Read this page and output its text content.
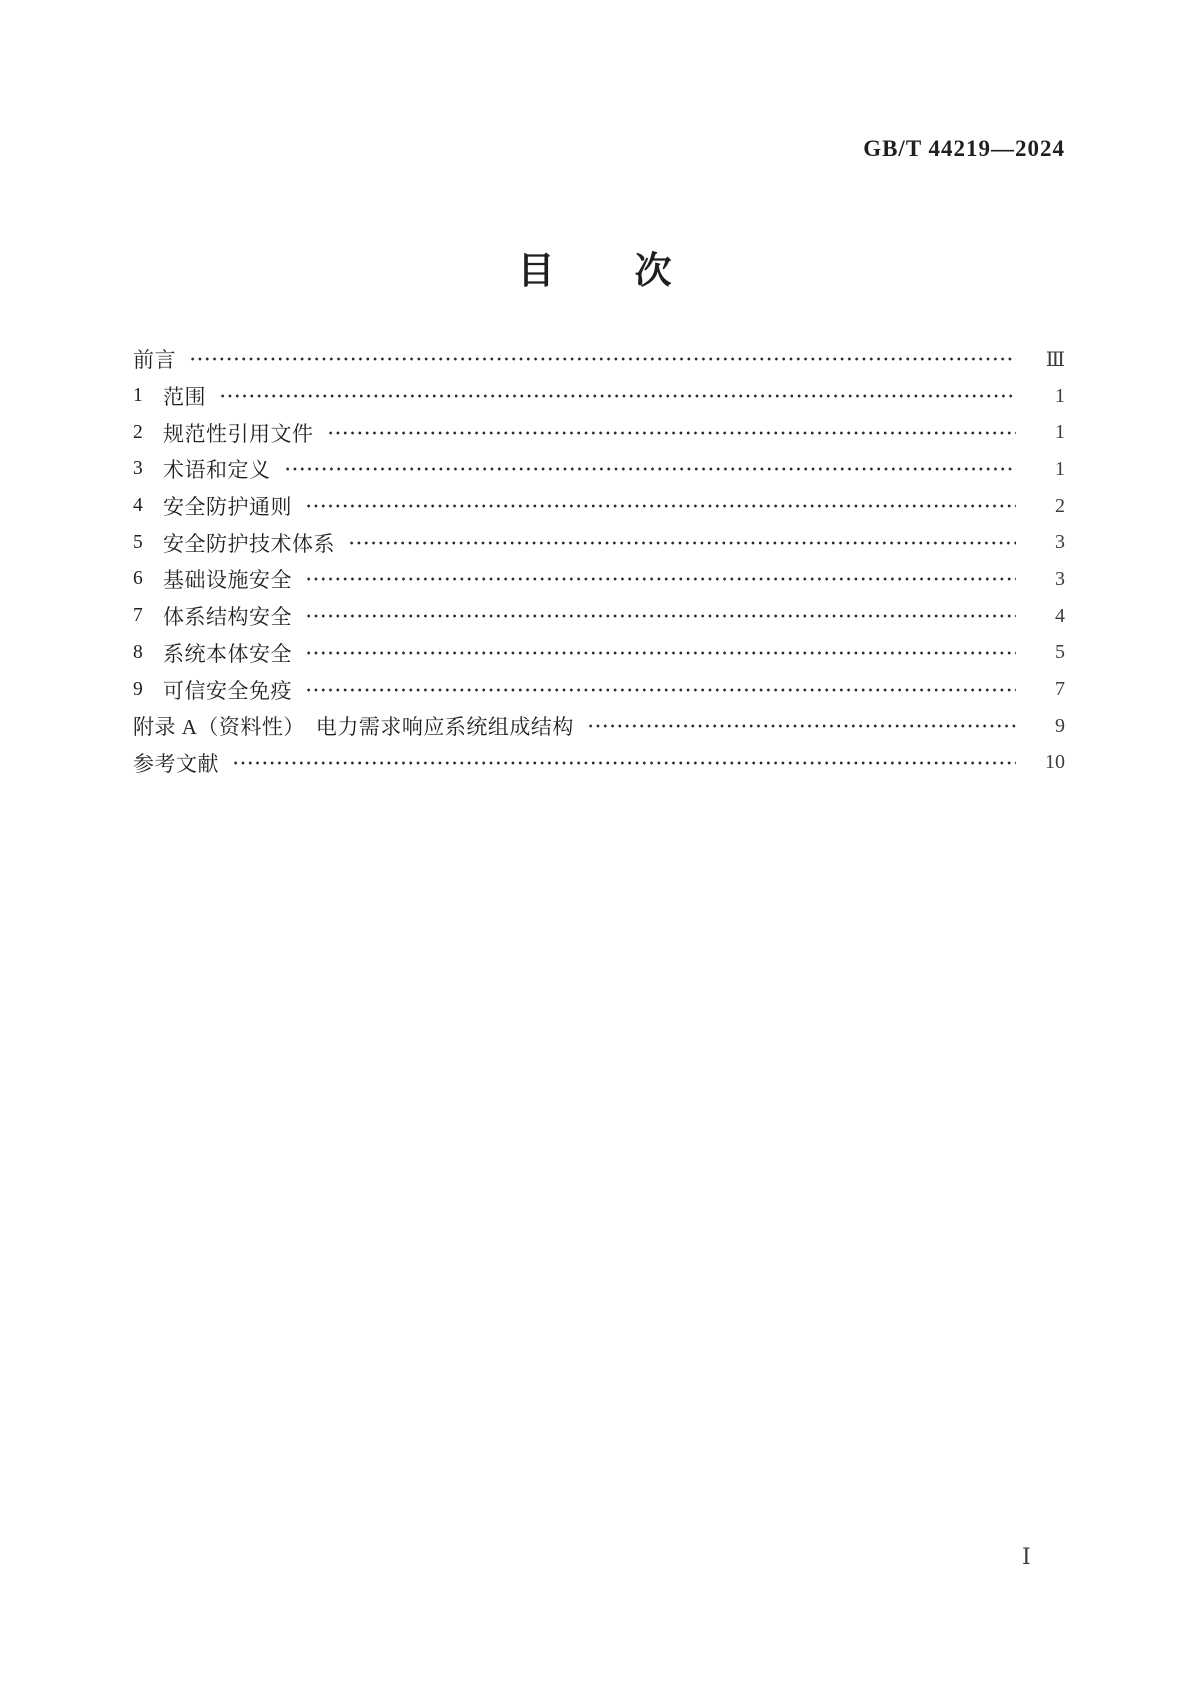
GB/T 44219—2024
目　　次
前言	Ⅲ
1 范围	1
2 规范性引用文件	1
3 术语和定义	1
4 安全防护通则	2
5 安全防护技术体系	3
6 基础设施安全	3
7 体系结构安全	4
8 系统本体安全	5
9 可信安全免疫	7
附录 A（资料性）　电力需求响应系统组成结构	9
参考文献	10
Ⅰ
